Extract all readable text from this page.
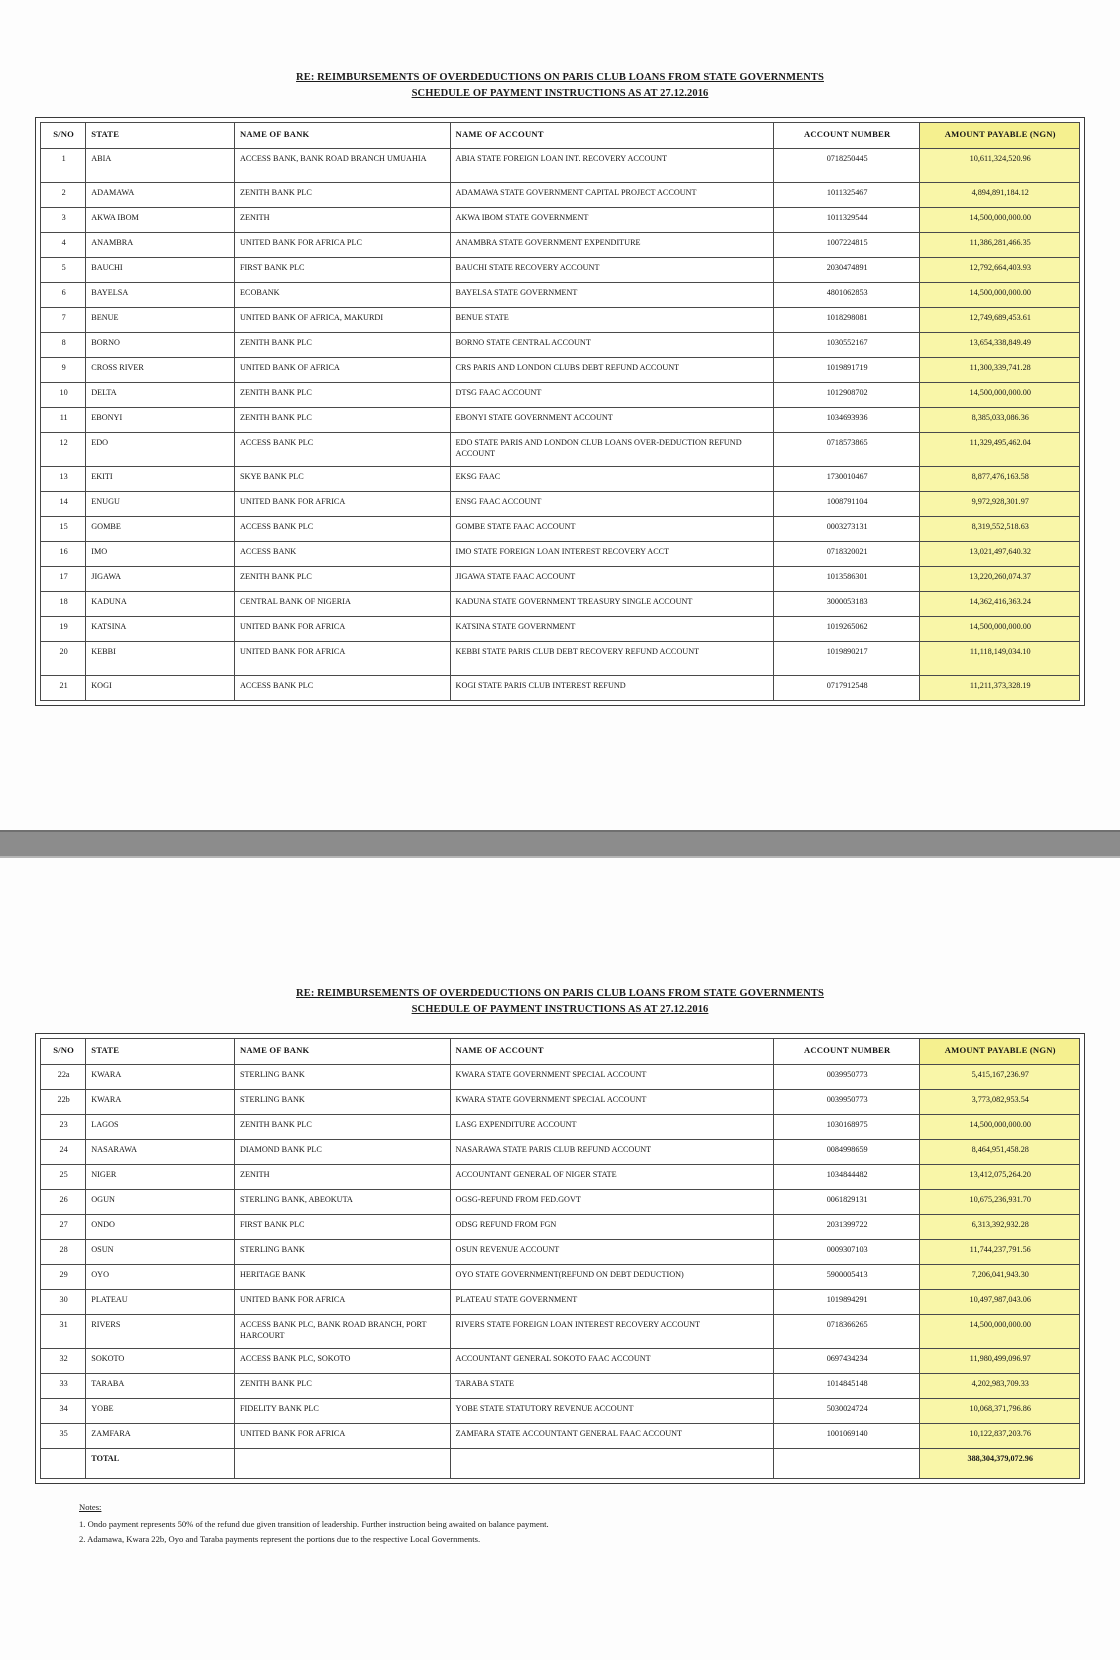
RE: REIMBURSEMENTS OF OVERDEDUCTIONS ON PARIS CLUB LOANS FROM STATE GOVERNMENTS
SCHEDULE OF PAYMENT INSTRUCTIONS AS AT 27.12.2016
S/NO	STATE	NAME OF BANK	NAME OF ACCOUNT	ACCOUNT NUMBER	AMOUNT PAYABLE (NGN)
1	ABIA	ACCESS BANK, BANK ROAD BRANCH UMUAHIA	ABIA STATE FOREIGN LOAN INT. RECOVERY ACCOUNT	0718250445	10,611,324,520.96
2	ADAMAWA	ZENITH BANK PLC	ADAMAWA STATE GOVERNMENT CAPITAL PROJECT ACCOUNT	1011325467	4,894,891,184.12
3	AKWA IBOM	ZENITH	AKWA IBOM STATE GOVERNMENT	1011329544	14,500,000,000.00
4	ANAMBRA	UNITED BANK FOR AFRICA PLC	ANAMBRA STATE GOVERNMENT EXPENDITURE	1007224815	11,386,281,466.35
5	BAUCHI	FIRST BANK PLC	BAUCHI STATE RECOVERY ACCOUNT	2030474891	12,792,664,403.93
6	BAYELSA	ECOBANK	BAYELSA STATE GOVERNMENT	4801062853	14,500,000,000.00
7	BENUE	UNITED BANK OF AFRICA, MAKURDI	BENUE STATE	1018298081	12,749,689,453.61
8	BORNO	ZENITH BANK PLC	BORNO STATE CENTRAL ACCOUNT	1030552167	13,654,338,849.49
9	CROSS RIVER	UNITED BANK OF AFRICA	CRS PARIS AND LONDON CLUBS DEBT REFUND ACCOUNT	1019891719	11,300,339,741.28
10	DELTA	ZENITH BANK PLC	DTSG FAAC ACCOUNT	1012908702	14,500,000,000.00
11	EBONYI	ZENITH BANK PLC	EBONYI STATE GOVERNMENT ACCOUNT	1034693936	8,385,033,086.36
12	EDO	ACCESS BANK PLC	EDO STATE PARIS AND LONDON CLUB LOANS OVER-DEDUCTION REFUND ACCOUNT	0718573865	11,329,495,462.04
13	EKITI	SKYE BANK PLC	EKSG FAAC	1730010467	8,877,476,163.58
14	ENUGU	UNITED BANK FOR AFRICA	ENSG FAAC ACCOUNT	1008791104	9,972,928,301.97
15	GOMBE	ACCESS BANK PLC	GOMBE STATE FAAC ACCOUNT	0003273131	8,319,552,518.63
16	IMO	ACCESS BANK	IMO STATE FOREIGN LOAN INTEREST RECOVERY ACCT	0718320021	13,021,497,640.32
17	JIGAWA	ZENITH BANK PLC	JIGAWA STATE FAAC ACCOUNT	1013586301	13,220,260,074.37
18	KADUNA	CENTRAL BANK OF NIGERIA	KADUNA STATE GOVERNMENT TREASURY SINGLE ACCOUNT	3000053183	14,362,416,363.24
19	KATSINA	UNITED BANK FOR AFRICA	KATSINA STATE GOVERNMENT	1019265062	14,500,000,000.00
20	KEBBI	UNITED BANK FOR AFRICA	KEBBI STATE PARIS CLUB DEBT RECOVERY REFUND ACCOUNT	1019890217	11,118,149,034.10
21	KOGI	ACCESS BANK PLC	KOGI STATE PARIS CLUB INTEREST REFUND	0717912548	11,211,373,328.19
RE: REIMBURSEMENTS OF OVERDEDUCTIONS ON PARIS CLUB LOANS FROM STATE GOVERNMENTS
SCHEDULE OF PAYMENT INSTRUCTIONS AS AT 27.12.2016
S/NO	STATE	NAME OF BANK	NAME OF ACCOUNT	ACCOUNT NUMBER	AMOUNT PAYABLE (NGN)
22a	KWARA	STERLING BANK	KWARA STATE GOVERNMENT SPECIAL ACCOUNT	0039950773	5,415,167,236.97
22b	KWARA	STERLING BANK	KWARA STATE GOVERNMENT SPECIAL ACCOUNT	0039950773	3,773,082,953.54
23	LAGOS	ZENITH BANK PLC	LASG EXPENDITURE ACCOUNT	1030168975	14,500,000,000.00
24	NASARAWA	DIAMOND BANK PLC	NASARAWA STATE PARIS CLUB REFUND ACCOUNT	0084998659	8,464,951,458.28
25	NIGER	ZENITH	ACCOUNTANT GENERAL OF NIGER STATE	1034844482	13,412,075,264.20
26	OGUN	STERLING BANK, ABEOKUTA	OGSG-REFUND FROM FED.GOVT	0061829131	10,675,236,931.70
27	ONDO	FIRST BANK PLC	ODSG REFUND FROM FGN	2031399722	6,313,392,932.28
28	OSUN	STERLING BANK	OSUN REVENUE ACCOUNT	0009307103	11,744,237,791.56
29	OYO	HERITAGE BANK	OYO STATE GOVERNMENT(REFUND ON DEBT DEDUCTION)	5900005413	7,206,041,943.30
30	PLATEAU	UNITED BANK FOR AFRICA	PLATEAU STATE GOVERNMENT	1019894291	10,497,987,043.06
31	RIVERS	ACCESS BANK PLC, BANK ROAD BRANCH, PORT HARCOURT	RIVERS STATE FOREIGN LOAN INTEREST RECOVERY ACCOUNT	0718366265	14,500,000,000.00
32	SOKOTO	ACCESS BANK PLC, SOKOTO	ACCOUNTANT GENERAL SOKOTO FAAC ACCOUNT	0697434234	11,980,499,096.97
33	TARABA	ZENITH BANK PLC	TARABA STATE	1014845148	4,202,983,709.33
34	YOBE	FIDELITY BANK PLC	YOBE STATE STATUTORY REVENUE ACCOUNT	5030024724	10,068,371,796.86
35	ZAMFARA	UNITED BANK FOR AFRICA	ZAMFARA STATE ACCOUNTANT GENERAL FAAC ACCOUNT	1001069140	10,122,837,203.76
	TOTAL				388,304,379,072.96
Notes:
1. Ondo payment represents 50% of the refund due given transition of leadership. Further instruction being awaited on balance payment.
2. Adamawa, Kwara 22b, Oyo and Taraba payments represent the portions due to the respective Local Governments.
